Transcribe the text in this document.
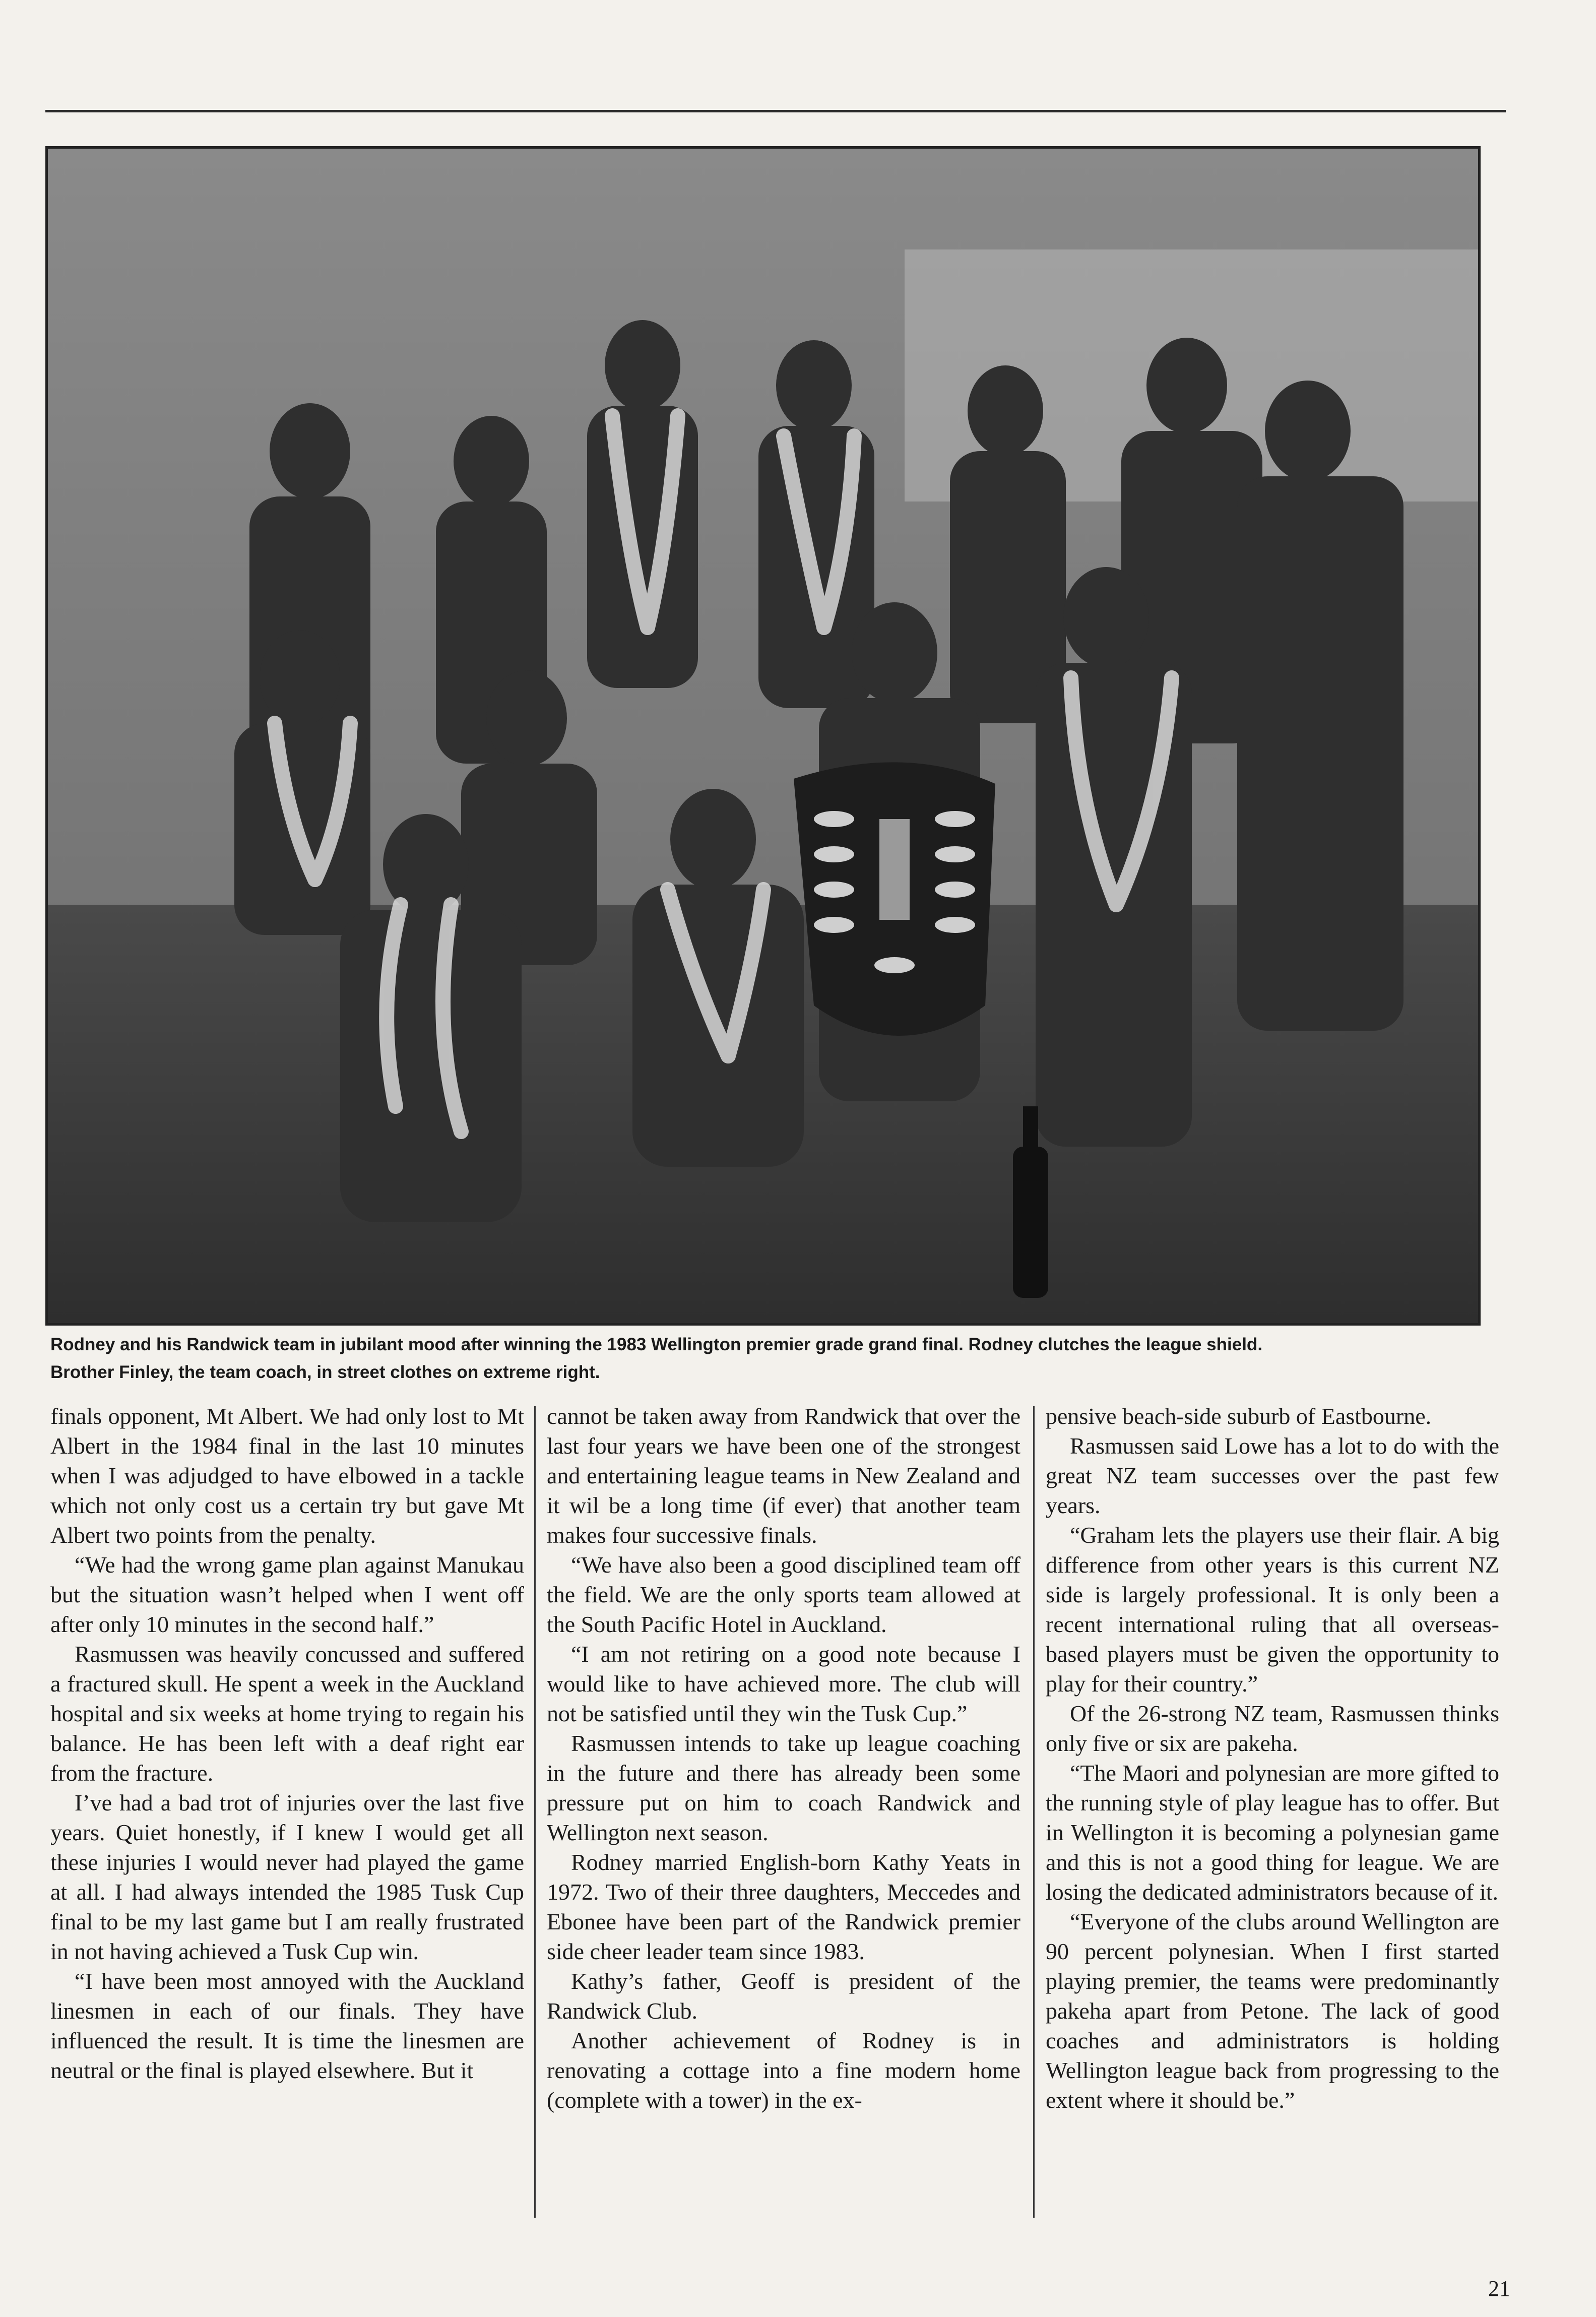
Rodney and his Randwick team in jubilant mood after winning the 1983 Wellington premier grade grand final. Rodney clutches the league shield.

Brother Finley, the team coach, in street clothes on extreme right.

finals opponent, Mt Albert. We had only lost to Mt Albert in the 1984 final in the last 10 minutes when I was adjudged to have elbowed in a tackle which not only cost us a certain try but gave Mt Albert two points from the penalty.

“We had the wrong game plan against Manukau but the situation wasn’t helped when I went off after only 10 minutes in the second half.”

Rasmussen was heavily concussed and suffered a fractured skull. He spent a week in the Auckland hospital and six weeks at home trying to regain his balance. He has been left with a deaf right ear from the fracture.

I’ve had a bad trot of injuries over the last five years. Quiet honestly, if I knew I would get all these injuries I would never had played the game at all. I had always intended the 1985 Tusk Cup final to be my last game but I am really frustrated in not having achieved a Tusk Cup win.

“I have been most annoyed with the Auckland linesmen in each of our finals. They have influenced the result. It is time the linesmen are neutral or the final is played elsewhere. But it

cannot be taken away from Randwick that over the last four years we have been one of the strongest and entertaining league teams in New Zealand and it wil be a long time (if ever) that another team makes four successive finals.

“We have also been a good disciplined team off the field. We are the only sports team allowed at the South Pacific Hotel in Auckland.

“I am not retiring on a good note because I would like to have achieved more. The club will not be satisfied until they win the Tusk Cup.”

Rasmussen intends to take up league coaching in the future and there has already been some pressure put on him to coach Randwick and Wellington next season.

Rodney married English-born Kathy Yeats in 1972. Two of their three daughters, Meccedes and Ebonee have been part of the Randwick premier side cheer leader team since 1983.

Kathy’s father, Geoff is president of the Randwick Club.

Another achievement of Rodney is in renovating a cottage into a fine modern home (complete with a tower) in the ex-

pensive beach-side suburb of Eastbourne.

Rasmussen said Lowe has a lot to do with the great NZ team successes over the past few years.

“Graham lets the players use their flair. A big difference from other years is this current NZ side is largely professional. It is only been a recent international ruling that all overseas-based players must be given the opportunity to play for their country.”

Of the 26-strong NZ team, Rasmussen thinks only five or six are pakeha.

“The Maori and polynesian are more gifted to the running style of play league has to offer. But in Wellington it is becoming a polynesian game and this is not a good thing for league. We are losing the dedicated administrators because of it.

“Everyone of the clubs around Wellington are 90 percent polynesian. When I first started playing premier, the teams were predominantly pakeha apart from Petone. The lack of good coaches and administrators is holding Wellington league back from progressing to the extent where it should be.”

21
